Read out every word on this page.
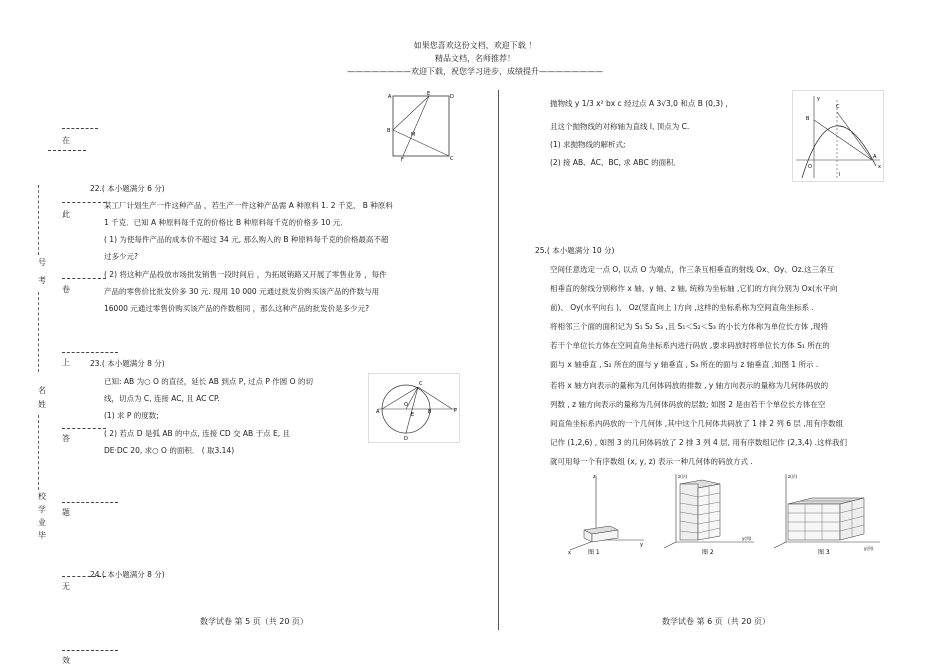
如果您喜欢这份文档，欢迎下载 ！
精品文档，名师推荐！
————————欢迎下载，祝您学习进步，成绩提升————————
在
此
卷
上
答
题
无
效
号
考
名
姓
校
学
业
毕
A	E	D
B
M
F	C
22.( 本小题满分 6 分)
某工厂计划生产一件这种产品 ，若生产一件这种产品需 A 种原料 1. 2 千克、 B 种原料
1 千克．已知 A 种原料每千克的价格比 B 种原料每千克的价格多 10 元．
( 1) 为使每件产品的成本价不超过 34 元, 那么购入的 B 种原料每千克的价格最高不超
过多少元?
( 2) 将这种产品投放市场批发销售一段时间后 ，为拓展销路又开展了零售业务 ，每件
产品的零售价比批发价多 30 元. 现用 10 000 元通过批发价购买该产品的件数与用
16000 元通过零售价购买该产品的件数相同 ，那么这种产品的批发价是多少元?
23.( 本小题满分 8 分)
已知: AB 为○ O 的直径，延长 AB 到点 P, 过点 P 作圆 O 的切
线，切点为 C, 连接 AC, 且 AC CP.
(1) 求 P 的度数;
( 2) 若点 D 是弧 AB 的中点, 连接 CD 交 AB 于点 E, 且
DE·DC 20, 求○ O 的面积． ( 取3.14)
A
C
B	P
O
E
D
24.( 本小题满分 8 分)
数学试卷 第 5 页（共 20 页）
抛物线 y 1/3 x² bx c 经过点 A 3√3,0 和点 B (0,3) ，
且这个抛物线的对称轴为直线 l, 顶点为 C.
(1) 求抛物线的解析式;
(2) 接 AB、AC、BC, 求 ABC 的面积．
B
C
A
O
y
x
l
25.( 本小题满分 10 分)
空间任意选定一点 O, 以点 O 为端点，作三条互相垂直的射线 Ox、Oy、Oz.这三条互
相垂直的射线分别称作 x 轴、y 轴、z 轴, 统称为坐标轴 ,它们的方向分别为 Ox(水平向
前)、 Oy(水平向右 )、 Oz(竖直向上 )方向 ,这样的坐标系称为空间直角坐标系 .
将相邻三个面的面积记为 S₁ S₂ S₃ ,且 S₁＜S₂＜S₃ 的小长方体称为单位长方体 ,现将
若干个单位长方体在空间直角坐标系内进行码放 ,要求码放时将单位长方体 S₁ 所在的
面与 x 轴垂直 , S₂ 所在的面与 y 轴垂直 , S₃ 所在的面与 z 轴垂直 ,如图 1 所示 .
若将 x 轴方向表示的量称为几何体码放的排数 , y 轴方向表示的量称为几何体码放的
列数 , z 轴方向表示的量称为几何体码放的层数; 如图 2 是由若干个单位长方体在空
间直角坐标系内码放的一个几何体 ,其中这个几何体共码放了 1 排 2 列 6 层 ,用有序数组
记作 (1,2,6) , 如图 3 的几何体码放了 2 排 3 列 4 层, 用有序数组记作 (2,3,4) .这样我们
就可用每一个有序数组 (x, y, z) 表示一种几何体的码放方式 .
z
y
x	图 1
z(层)
y(列)
图 2
z(层)
y(列)
图 3
数学试卷 第 6 页（共 20 页）
